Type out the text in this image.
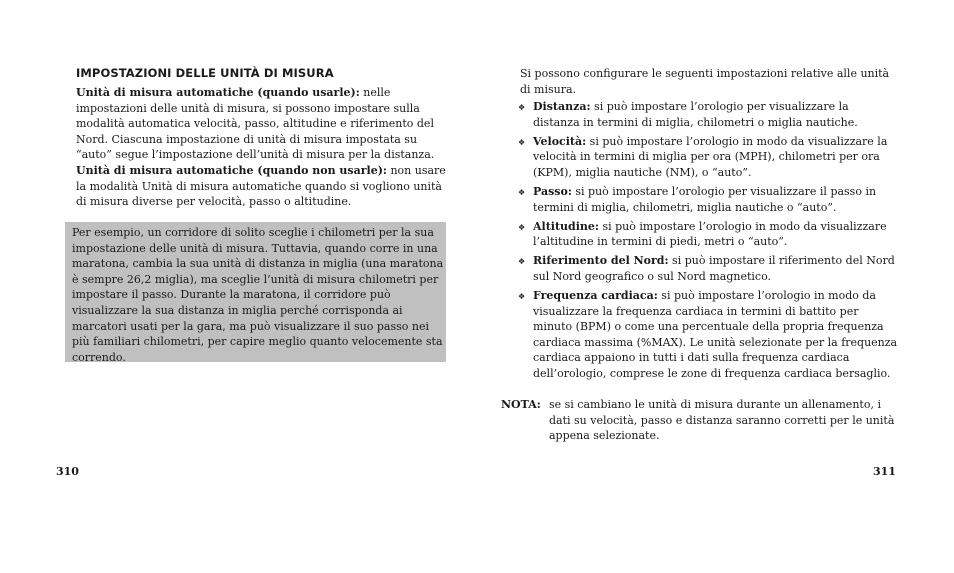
IMPOSTAZIONI DELLE UNITÀ DI MISURA

Unità di misura automatiche (quando usarle): nelle impostazioni delle unità di misura, si possono impostare sulla modalità automatica velocità, passo, altitudine e riferimento del Nord. Ciascuna impostazione di unità di misura impostata su “auto” segue l’impostazione dell’unità di misura per la distanza.

Unità di misura automatiche (quando non usarle): non usare la modalità Unità di misura automatiche quando si vogliono unità di misura diverse per velocità, passo o altitudine.

Per esempio, un corridore di solito sceglie i chilometri per la sua impostazione delle unità di misura. Tuttavia, quando corre in una maratona, cambia la sua unità di distanza in miglia (una maratona è sempre 26,2 miglia), ma sceglie l’unità di misura chilometri per impostare il passo. Durante la maratona, il corridore può visualizzare la sua distanza in miglia perché corrisponda ai marcatori usati per la gara, ma può visualizzare il suo passo nei più familiari chilometri, per capire meglio quanto velocemente sta correndo.

310

Si possono configurare le seguenti impostazioni relative alle unità di misura.

❖ Distanza: si può impostare l’orologio per visualizzare la distanza in termini di miglia, chilometri o miglia nautiche.
❖ Velocità: si può impostare l’orologio in modo da visualizzare la velocità in termini di miglia per ora (MPH), chilometri per ora (KPM), miglia nautiche (NM), o “auto”.
❖ Passo: si può impostare l’orologio per visualizzare il passo in termini di miglia, chilometri, miglia nautiche o “auto”.
❖ Altitudine: si può impostare l’orologio in modo da visualizzare l’altitudine in termini di piedi, metri o “auto”.
❖ Riferimento del Nord: si può impostare il riferimento del Nord sul Nord geografico o sul Nord magnetico.
❖ Frequenza cardiaca: si può impostare l’orologio in modo da visualizzare la frequenza cardiaca in termini di battito per minuto (BPM) o come una percentuale della propria frequenza cardiaca massima (%MAX). Le unità selezionate per la frequenza cardiaca appaiono in tutti i dati sulla frequenza cardiaca dell’orologio, comprese le zone di frequenza cardiaca bersaglio.
NOTA: se si cambiano le unità di misura durante un allenamento, i dati su velocità, passo e distanza saranno corretti per le unità appena selezionate.
311
